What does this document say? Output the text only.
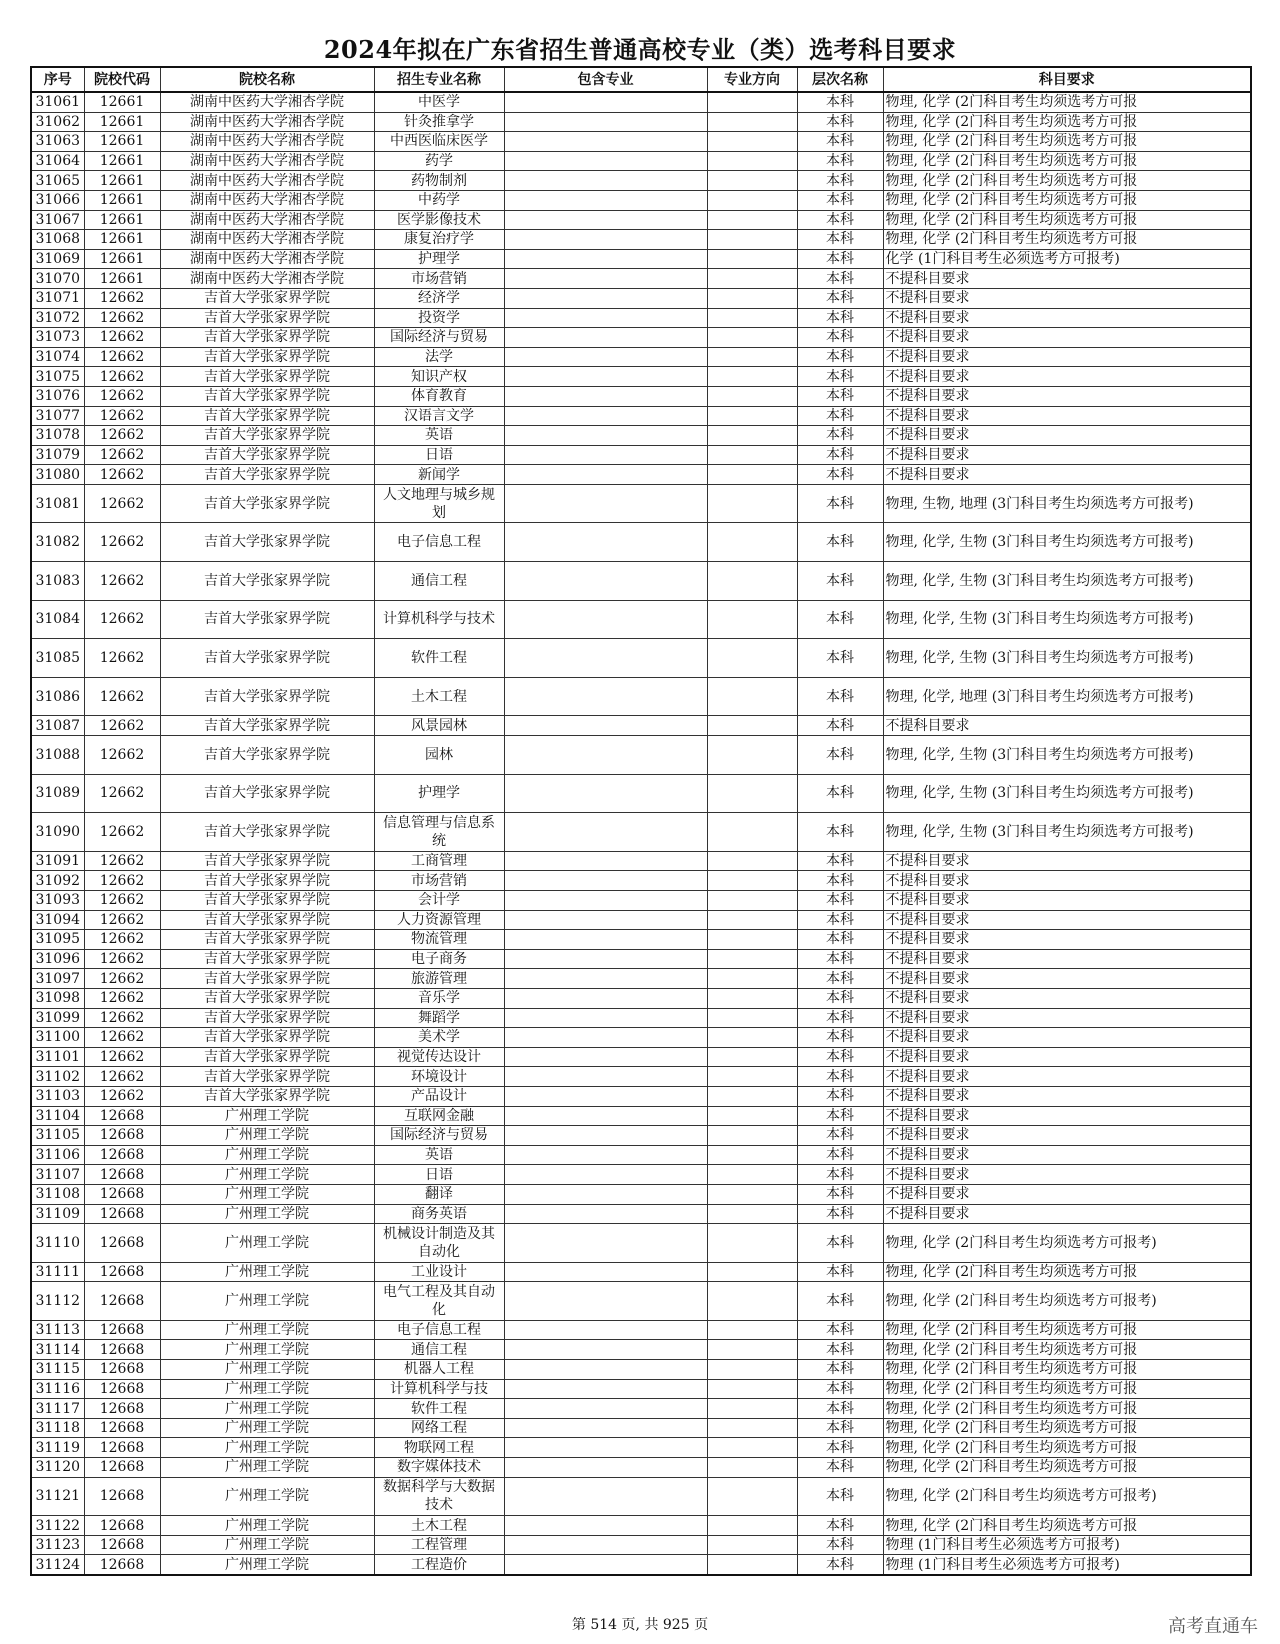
2024年拟在广东省招生普通高校专业（类）选考科目要求
序号	院校代码	院校名称	招生专业名称	包含专业	专业方向	层次名称	科目要求
31061	12661	湖南中医药大学湘杏学院	中医学			本科	物理, 化学 (2门科目考生均须选考方可报
31062	12661	湖南中医药大学湘杏学院	针灸推拿学			本科	物理, 化学 (2门科目考生均须选考方可报
31063	12661	湖南中医药大学湘杏学院	中西医临床医学			本科	物理, 化学 (2门科目考生均须选考方可报
31064	12661	湖南中医药大学湘杏学院	药学			本科	物理, 化学 (2门科目考生均须选考方可报
31065	12661	湖南中医药大学湘杏学院	药物制剂			本科	物理, 化学 (2门科目考生均须选考方可报
31066	12661	湖南中医药大学湘杏学院	中药学			本科	物理, 化学 (2门科目考生均须选考方可报
31067	12661	湖南中医药大学湘杏学院	医学影像技术			本科	物理, 化学 (2门科目考生均须选考方可报
31068	12661	湖南中医药大学湘杏学院	康复治疗学			本科	物理, 化学 (2门科目考生均须选考方可报
31069	12661	湖南中医药大学湘杏学院	护理学			本科	化学 (1门科目考生必须选考方可报考)
31070	12661	湖南中医药大学湘杏学院	市场营销			本科	不提科目要求
31071	12662	吉首大学张家界学院	经济学			本科	不提科目要求
31072	12662	吉首大学张家界学院	投资学			本科	不提科目要求
31073	12662	吉首大学张家界学院	国际经济与贸易			本科	不提科目要求
31074	12662	吉首大学张家界学院	法学			本科	不提科目要求
31075	12662	吉首大学张家界学院	知识产权			本科	不提科目要求
31076	12662	吉首大学张家界学院	体育教育			本科	不提科目要求
31077	12662	吉首大学张家界学院	汉语言文学			本科	不提科目要求
31078	12662	吉首大学张家界学院	英语			本科	不提科目要求
31079	12662	吉首大学张家界学院	日语			本科	不提科目要求
31080	12662	吉首大学张家界学院	新闻学			本科	不提科目要求
31081	12662	吉首大学张家界学院	人文地理与城乡规划			本科	物理, 生物, 地理 (3门科目考生均须选考方可报考)
31082	12662	吉首大学张家界学院	电子信息工程			本科	物理, 化学, 生物 (3门科目考生均须选考方可报考)
31083	12662	吉首大学张家界学院	通信工程			本科	物理, 化学, 生物 (3门科目考生均须选考方可报考)
31084	12662	吉首大学张家界学院	计算机科学与技术			本科	物理, 化学, 生物 (3门科目考生均须选考方可报考)
31085	12662	吉首大学张家界学院	软件工程			本科	物理, 化学, 生物 (3门科目考生均须选考方可报考)
31086	12662	吉首大学张家界学院	土木工程			本科	物理, 化学, 地理 (3门科目考生均须选考方可报考)
31087	12662	吉首大学张家界学院	风景园林			本科	不提科目要求
31088	12662	吉首大学张家界学院	园林			本科	物理, 化学, 生物 (3门科目考生均须选考方可报考)
31089	12662	吉首大学张家界学院	护理学			本科	物理, 化学, 生物 (3门科目考生均须选考方可报考)
31090	12662	吉首大学张家界学院	信息管理与信息系统			本科	物理, 化学, 生物 (3门科目考生均须选考方可报考)
31091	12662	吉首大学张家界学院	工商管理			本科	不提科目要求
31092	12662	吉首大学张家界学院	市场营销			本科	不提科目要求
31093	12662	吉首大学张家界学院	会计学			本科	不提科目要求
31094	12662	吉首大学张家界学院	人力资源管理			本科	不提科目要求
31095	12662	吉首大学张家界学院	物流管理			本科	不提科目要求
31096	12662	吉首大学张家界学院	电子商务			本科	不提科目要求
31097	12662	吉首大学张家界学院	旅游管理			本科	不提科目要求
31098	12662	吉首大学张家界学院	音乐学			本科	不提科目要求
31099	12662	吉首大学张家界学院	舞蹈学			本科	不提科目要求
31100	12662	吉首大学张家界学院	美术学			本科	不提科目要求
31101	12662	吉首大学张家界学院	视觉传达设计			本科	不提科目要求
31102	12662	吉首大学张家界学院	环境设计			本科	不提科目要求
31103	12662	吉首大学张家界学院	产品设计			本科	不提科目要求
31104	12668	广州理工学院	互联网金融			本科	不提科目要求
31105	12668	广州理工学院	国际经济与贸易			本科	不提科目要求
31106	12668	广州理工学院	英语			本科	不提科目要求
31107	12668	广州理工学院	日语			本科	不提科目要求
31108	12668	广州理工学院	翻译			本科	不提科目要求
31109	12668	广州理工学院	商务英语			本科	不提科目要求
31110	12668	广州理工学院	机械设计制造及其自动化			本科	物理, 化学 (2门科目考生均须选考方可报考)
31111	12668	广州理工学院	工业设计			本科	物理, 化学 (2门科目考生均须选考方可报
31112	12668	广州理工学院	电气工程及其自动化			本科	物理, 化学 (2门科目考生均须选考方可报考)
31113	12668	广州理工学院	电子信息工程			本科	物理, 化学 (2门科目考生均须选考方可报
31114	12668	广州理工学院	通信工程			本科	物理, 化学 (2门科目考生均须选考方可报
31115	12668	广州理工学院	机器人工程			本科	物理, 化学 (2门科目考生均须选考方可报
31116	12668	广州理工学院	计算机科学与技			本科	物理, 化学 (2门科目考生均须选考方可报
31117	12668	广州理工学院	软件工程			本科	物理, 化学 (2门科目考生均须选考方可报
31118	12668	广州理工学院	网络工程			本科	物理, 化学 (2门科目考生均须选考方可报
31119	12668	广州理工学院	物联网工程			本科	物理, 化学 (2门科目考生均须选考方可报
31120	12668	广州理工学院	数字媒体技术			本科	物理, 化学 (2门科目考生均须选考方可报
31121	12668	广州理工学院	数据科学与大数据技术			本科	物理, 化学 (2门科目考生均须选考方可报考)
31122	12668	广州理工学院	土木工程			本科	物理, 化学 (2门科目考生均须选考方可报
31123	12668	广州理工学院	工程管理			本科	物理 (1门科目考生必须选考方可报考)
31124	12668	广州理工学院	工程造价			本科	物理 (1门科目考生必须选考方可报考)
第 514 页, 共 925 页	高考直通车
